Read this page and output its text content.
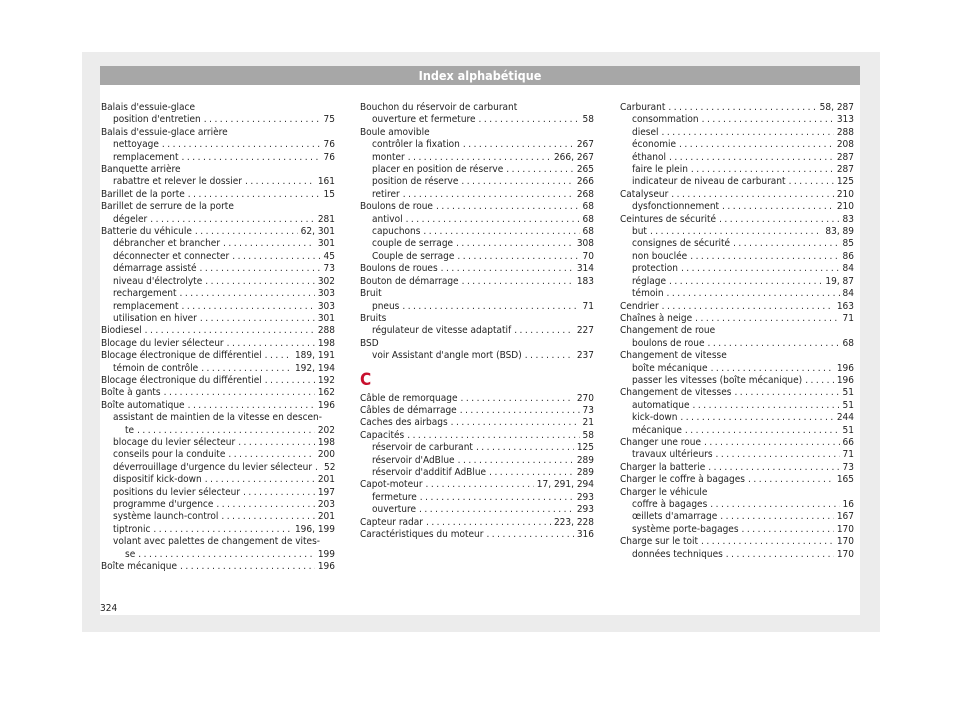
Index alphabétique
Balais d'essuie-glace
position d'entretien .....	75
Balais d'essuie-glace arrière
nettoyage .....	76
remplacement .....	76
Banquette arrière
rabattre et relever le dossier .....	161
Barillet de la porte .....	15
Barillet de serrure de la porte
dégeler .....	281
Batterie du véhicule .....	62, 301
débrancher et brancher .....	301
déconnecter et connecter .....	45
démarrage assisté .....	73
niveau d'électrolyte .....	302
rechargement .....	303
remplacement .....	303
utilisation en hiver .....	301
Biodiesel .....	288
Blocage du levier sélecteur .....	198
Blocage électronique de différentiel .....	189, 191
témoin de contrôle .....	192, 194
Blocage électronique du différentiel .....	192
Boîte à gants .....	162
Boîte automatique .....	196
assistant de maintien de la vitesse en descen-
te .....	202
blocage du levier sélecteur .....	198
conseils pour la conduite .....	200
déverrouillage d'urgence du levier sélecteur ..... 52
dispositif kick-down .....	201
positions du levier sélecteur .....	197
programme d'urgence .....	203
système launch-control .....	201
tiptronic .....	196, 199
volant avec palettes de changement de vites-
se .....	199
Boîte mécanique .....	196
Bouchon du réservoir de carburant
ouverture et fermeture .....	58
Boule amovible
contrôler la fixation .....	267
monter .....	266, 267
placer en position de réserve .....	265
position de réserve .....	266
retirer .....	268
Boulons de roue .....	68
antivol .....	68
capuchons .....	68
couple de serrage .....	308
Couple de serrage .....	70
Boulons de roues .....	314
Bouton de démarrage .....	183
Bruit
pneus .....	71
Bruits
régulateur de vitesse adaptatif .....	227
BSD
voir Assistant d'angle mort (BSD) .....	237
C
Câble de remorquage .....	270
Câbles de démarrage .....	73
Caches des airbags .....	21
Capacités .....	58
réservoir de carburant .....	125
réservoir d'AdBlue .....	289
réservoir d'additif AdBlue .....	289
Capot-moteur .....	17, 291, 294
fermeture .....	293
ouverture .....	293
Capteur radar .....	223, 228
Caractéristiques du moteur .....	316
Carburant .....	58, 287
consommation .....	313
diesel .....	288
économie .....	208
éthanol .....	287
faire le plein .....	287
indicateur de niveau de carburant .....	125
Catalyseur .....	210
dysfonctionnement .....	210
Ceintures de sécurité .....	83
but .....	83, 89
consignes de sécurité .....	85
non bouclée .....	86
protection .....	84
réglage .....	19, 87
témoin .....	84
Cendrier .....	163
Chaînes à neige .....	71
Changement de roue
boulons de roue .....	68
Changement de vitesse
boîte mécanique .....	196
passer les vitesses (boîte mécanique) .....	196
Changement de vitesses .....	51
automatique .....	51
kick-down .....	244
mécanique .....	51
Changer une roue .....	66
travaux ultérieurs .....	71
Charger la batterie .....	73
Charger le coffre à bagages .....	165
Charger le véhicule
coffre à bagages .....	16
œillets d'amarrage .....	167
système porte-bagages .....	170
Charge sur le toit .....	170
données techniques .....	170
324
